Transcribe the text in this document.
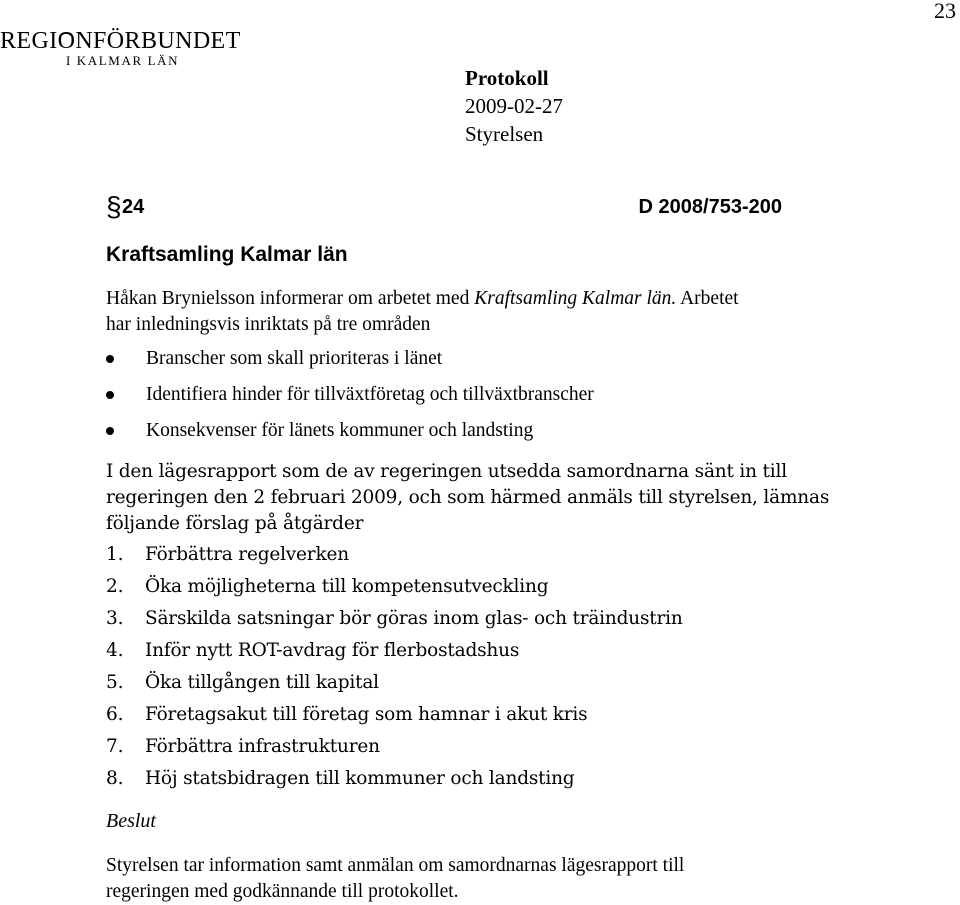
23
REGIONFÖRBUNDET
I KALMAR LÄN
Protokoll
2009-02-27
Styrelsen
§ 24	D 2008/753-200
Kraftsamling Kalmar län
Håkan Brynielsson informerar om arbetet med Kraftsamling Kalmar län. Arbetet
har inledningsvis inriktats på tre områden
Branscher som skall prioriteras i länet
Identifiera hinder för tillväxtföretag och tillväxtbranscher
Konsekvenser för länets kommuner och landsting
I den lägesrapport som de av regeringen utsedda samordnarna sänt in till
regeringen den 2 februari 2009, och som härmed anmäls till styrelsen, lämnas
följande förslag på åtgärder
1. Förbättra regelverken
2. Öka möjligheterna till kompetensutveckling
3. Särskilda satsningar bör göras inom glas- och träindustrin
4. Inför nytt ROT-avdrag för flerbostadshus
5. Öka tillgången till kapital
6. Företagsakut till företag som hamnar i akut kris
7. Förbättra infrastrukturen
8. Höj statsbidragen till kommuner och landsting
Beslut
Styrelsen tar information samt anmälan om samordnarnas lägesrapport till
regeringen med godkännande till protokollet.
